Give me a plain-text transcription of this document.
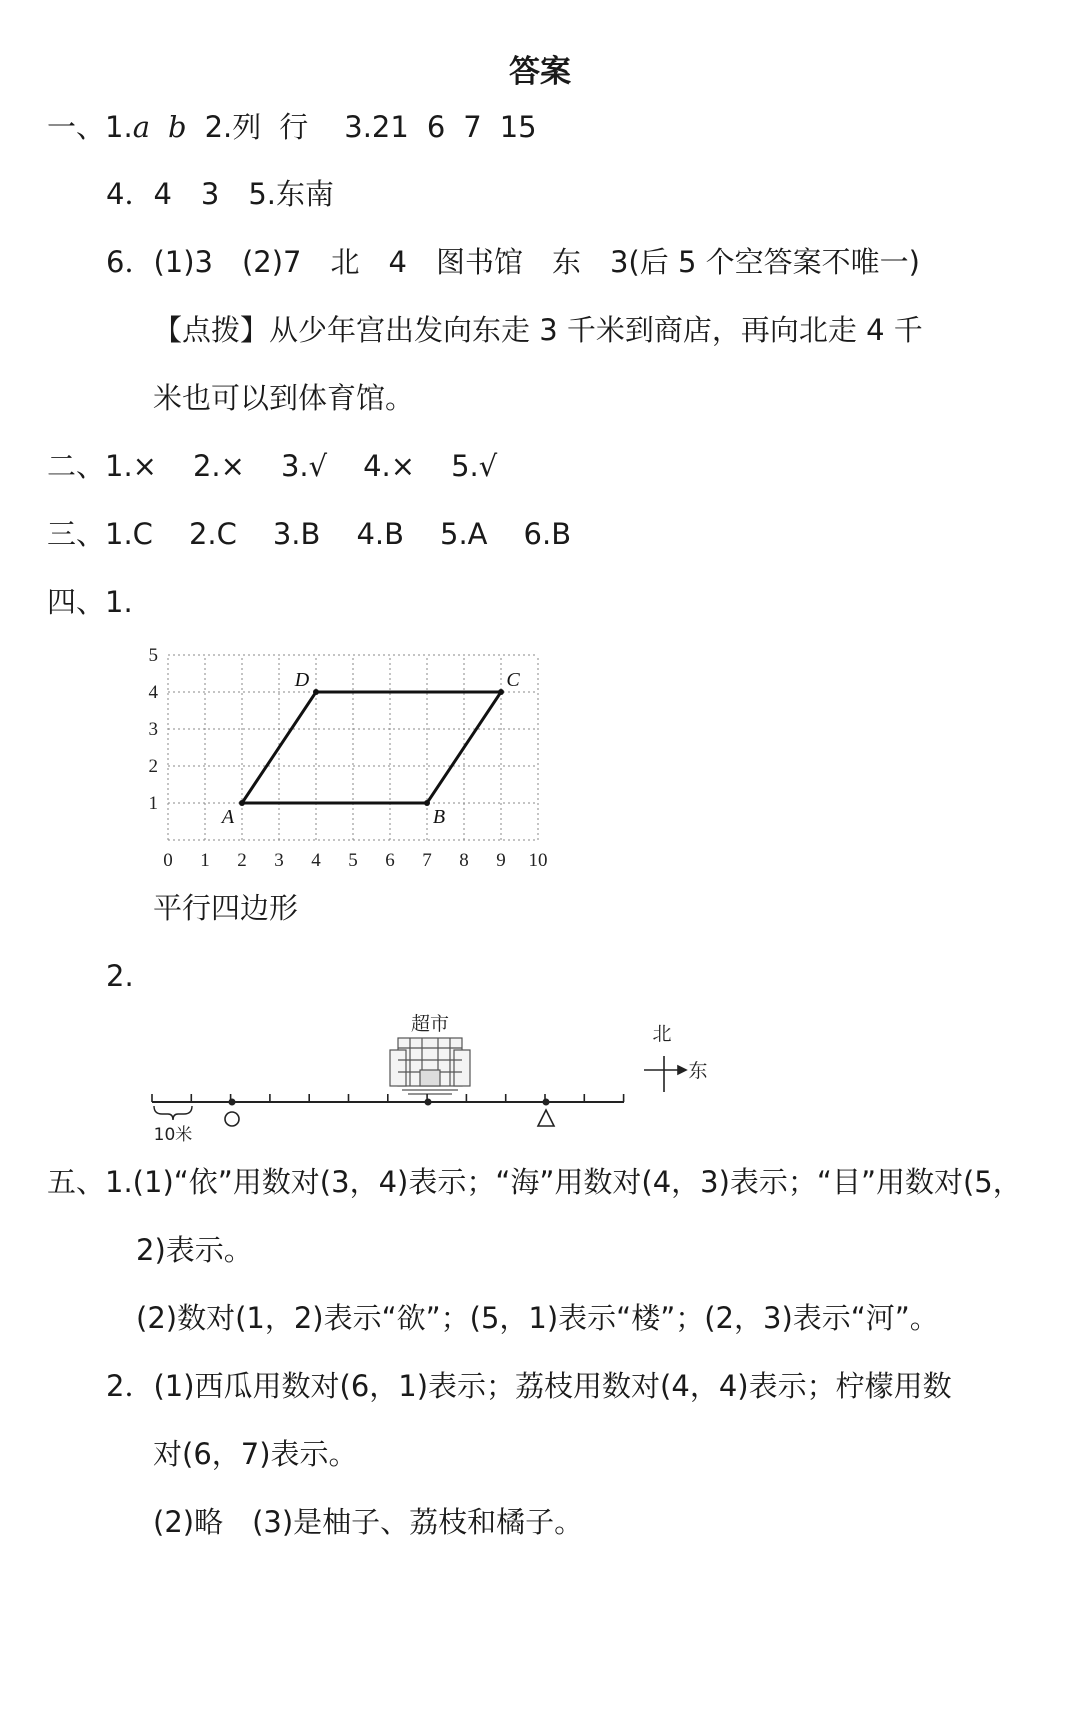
答案
一、1.a b 2.列 行 3.21 6 7 15
4．4　3　5.东南
6．(1)3　(2)7　北　4　图书馆　东　3(后 5 个空答案不唯一)
【点拨】从少年宫出发向东走 3 千米到商店，再向北走 4 千
米也可以到体育馆。
二、1.× 2.× 3.√ 4.× 5.√
三、1.C 2.C 3.B 4.B 5.A 6.B
四、1.
0 1 2 3 4 5 6 7 8 9 10
1
2
3
4
5
A	B
C
D
平行四边形
2.
超市
10米
北
东
五、1.(1)“依”用数对(3，4)表示；“海”用数对(4，3)表示；“目”用数对(5，
2)表示。
(2)数对(1，2)表示“欲”；(5，1)表示“楼”；(2，3)表示“河”。
2．(1)西瓜用数对(6，1)表示；荔枝用数对(4，4)表示；柠檬用数
对(6，7)表示。
(2)略　(3)是柚子、荔枝和橘子。
